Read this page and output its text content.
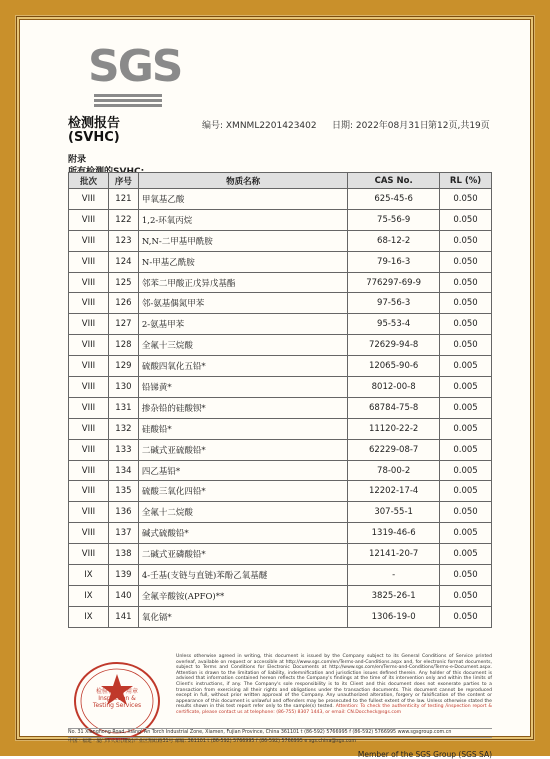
SGS
检测报告
(SVHC)
编号: XMNML2201423402 日期: 2022年08月31日 第12页,共19页
附录
批次	序号	物质名称	CAS No.	RL (%)
VIII	121	甲氧基乙酸	625-45-6	0.050
VIII	122	1,2-环氧丙烷	75-56-9	0.050
VIII	123	N,N-二甲基甲酰胺	68-12-2	0.050
VIII	124	N-甲基乙酰胺	79-16-3	0.050
VIII	125	邻苯二甲酸正戊异戊基酯	776297-69-9	0.050
VIII	126	邻-氨基偶氮甲苯	97-56-3	0.050
VIII	127	2-氨基甲苯	95-53-4	0.050
VIII	128	全氟十三烷酸	72629-94-8	0.050
VIII	129	硫酸四氧化五铅*	12065-90-6	0.005
VIII	130	铅锑黄*	8012-00-8	0.005
VIII	131	掺杂铅的硅酸钡*	68784-75-8	0.005
VIII	132	硅酸铅*	11120-22-2	0.005
VIII	133	二碱式亚硫酸铅*	62229-08-7	0.005
VIII	134	四乙基铅*	78-00-2	0.005
VIII	135	硫酸三氧化四铅*	12202-17-4	0.005
VIII	136	全氟十二烷酸	307-55-1	0.050
VIII	137	碱式硫酸铅*	1319-46-6	0.005
VIII	138	二碱式亚磷酸铅*	12141-20-7	0.005
IX	139	4-壬基(支链与直链)苯酚乙氧基醚	-	0.050
IX	140	全氟辛酸铵(APFO)**	3825-26-1	0.050
IX	141	氧化镉*	1306-19-0	0.050
检验检测专用章 Inspection & Testing Services
Unless otherwise agreed in writing, this document is issued by the Company subject to its General Conditions of Service printed overleaf, available on request or accessible at http://www.sgs.com/en/Terms-and-Conditions.aspx and, for electronic format documents, subject to Terms and Conditions for Electronic Documents at http://www.sgs.com/en/Terms-and-Conditions/Terms-e-Document.aspx. Attention is drawn to the limitation of liability, indemnification and jurisdiction issues defined therein. Any holder of this document is advised that information contained hereon reflects the Company's findings at the time of its intervention only and within the limits of Client's instructions, if any. The Company's sole responsibility is to its Client and this document does not exonerate parties to a transaction from exercising all their rights and obligations under the transaction documents. This document cannot be reproduced except in full, without prior written approval of the Company. Any unauthorized alteration, forgery or falsification of the content or appearance of this document is unlawful and offenders may be prosecuted to the fullest extent of the law. Unless otherwise stated the results shown in this test report refer only to the sample(s) tested. Attention: To check the authenticity of testing /inspection report & certificate, please contact us at telephone: (86-755) 8307 1443, or email: CN.Doccheck@sgs.com
No. 31 Xianghong Road, Xiang' An Torch Industrial Zone, Xiamen, Fujian Province, China 361101 t (86-592) 5766995 f (86-592) 5766995 www.sgsgroup.com.cn
中国 · 福建 · 厦门市火炬(翔安)产业区翔虹路31号 邮编: 361101 t (86-592) 5766995 f (86-592) 5766995 e sgs.china@sgs.com
Member of the SGS Group (SGS SA)
